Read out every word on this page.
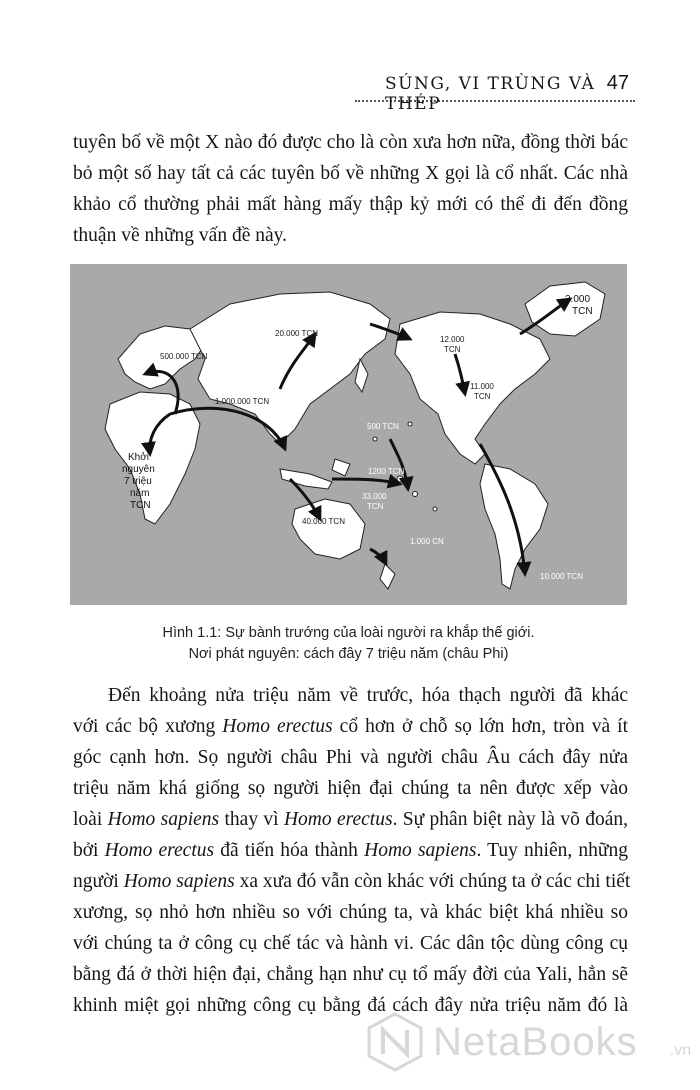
SÚNG, VI TRÙNG VÀ THÉP
47
tuyên bố về một X nào đó được cho là còn xưa hơn nữa, đồng thời bác
bỏ một số hay tất cả các tuyên bố về những X gọi là cổ nhất. Các nhà
khảo cổ thường phải mất hàng mấy thập kỷ mới có thể đi đến đồng
thuận về những vấn đề này.
Khởi
nguyên
7 triệu
năm
TCN
500.000 TCN
1.000.000 TCN
20.000 TCN
12.000
TCN
11.000
TCN
2.000
TCN
500 TCN
1200 TCN
33.000
TCN
40.000 TCN
1.000 CN
10.000 TCN
Hình 1.1: Sự bành trướng của loài người ra khắp thế giới.
Nơi phát nguyên: cách đây 7 triệu năm (châu Phi)
Đến khoảng nửa triệu năm về trước, hóa thạch người đã khác
với các bộ xương Homo erectus cổ hơn ở chỗ sọ lớn hơn, tròn và ít
góc cạnh hơn. Sọ người châu Phi và người châu Âu cách đây nửa
triệu năm khá giống sọ người hiện đại chúng ta nên được xếp vào
loài Homo sapiens thay vì Homo erectus. Sự phân biệt này là võ đoán,
bởi Homo erectus đã tiến hóa thành Homo sapiens. Tuy nhiên, những
người Homo sapiens xa xưa đó vẫn còn khác với chúng ta ở các chi tiết
xương, sọ nhỏ hơn nhiều so với chúng ta, và khác biệt khá nhiều so
với chúng ta ở công cụ chế tác và hành vi. Các dân tộc dùng công cụ
bằng đá ở thời hiện đại, chẳng hạn như cụ tổ mấy đời của Yali, hẳn sẽ
khinh miệt gọi những công cụ bằng đá cách đây nửa triệu năm đó là
NetaBooks .vn
